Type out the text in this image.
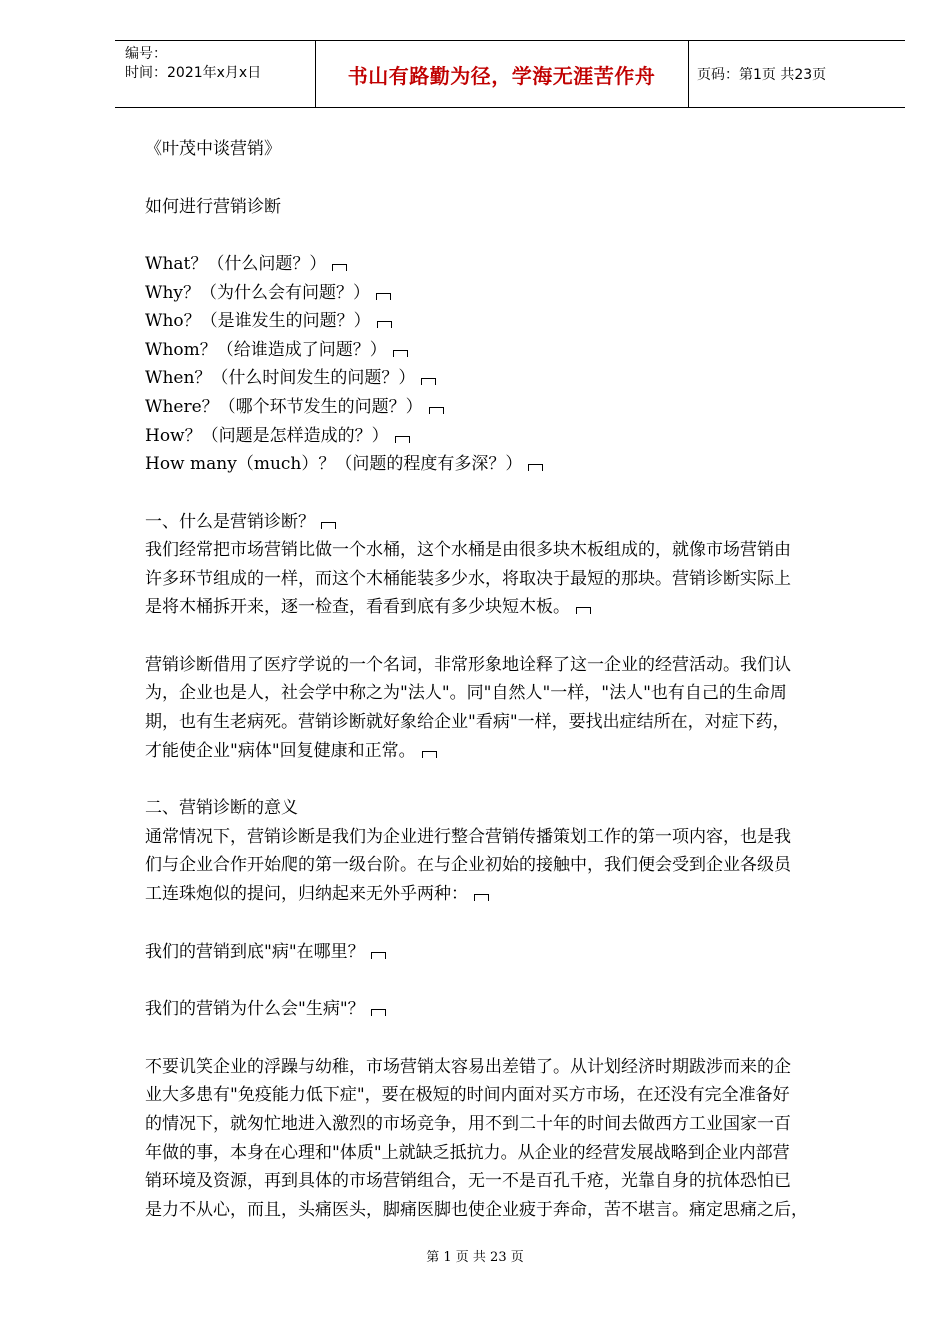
编号：
时间：2021年x月x日	书山有路勤为径，学海无涯苦作舟	页码：第1页 共23页
《叶茂中谈营销》
如何进行营销诊断
What？（什么问题？）
Why？（为什么会有问题？）
Who？（是谁发生的问题？）
Whom？（给谁造成了问题？）
When？（什么时间发生的问题？）
Where？（哪个环节发生的问题？）
How？（问题是怎样造成的？）
How many（much）？（问题的程度有多深？）
一、什么是营销诊断？
我们经常把市场营销比做一个水桶，这个水桶是由很多块木板组成的，就像市场营销由
许多环节组成的一样，而这个木桶能装多少水，将取决于最短的那块。营销诊断实际上
是将木桶拆开来，逐一检查，看看到底有多少块短木板。
营销诊断借用了医疗学说的一个名词，非常形象地诠释了这一企业的经营活动。我们认
为，企业也是人，社会学中称之为"法人"。同"自然人"一样，"法人"也有自己的生命周
期，也有生老病死。营销诊断就好象给企业"看病"一样，要找出症结所在，对症下药，
才能使企业"病体"回复健康和正常。
二、营销诊断的意义
通常情况下，营销诊断是我们为企业进行整合营销传播策划工作的第一项内容，也是我
们与企业合作开始爬的第一级台阶。在与企业初始的接触中，我们便会受到企业各级员
工连珠炮似的提问，归纳起来无外乎两种：
我们的营销到底"病"在哪里？
我们的营销为什么会"生病"？
不要讥笑企业的浮躁与幼稚，市场营销太容易出差错了。从计划经济时期跋涉而来的企
业大多患有"免疫能力低下症"，要在极短的时间内面对买方市场，在还没有完全准备好
的情况下，就匆忙地进入激烈的市场竞争，用不到二十年的时间去做西方工业国家一百
年做的事，本身在心理和"体质"上就缺乏抵抗力。从企业的经营发展战略到企业内部营
销环境及资源，再到具体的市场营销组合，无一不是百孔千疮，光靠自身的抗体恐怕已
是力不从心，而且，头痛医头，脚痛医脚也使企业疲于奔命，苦不堪言。痛定思痛之后，
第 1 页 共 23 页
